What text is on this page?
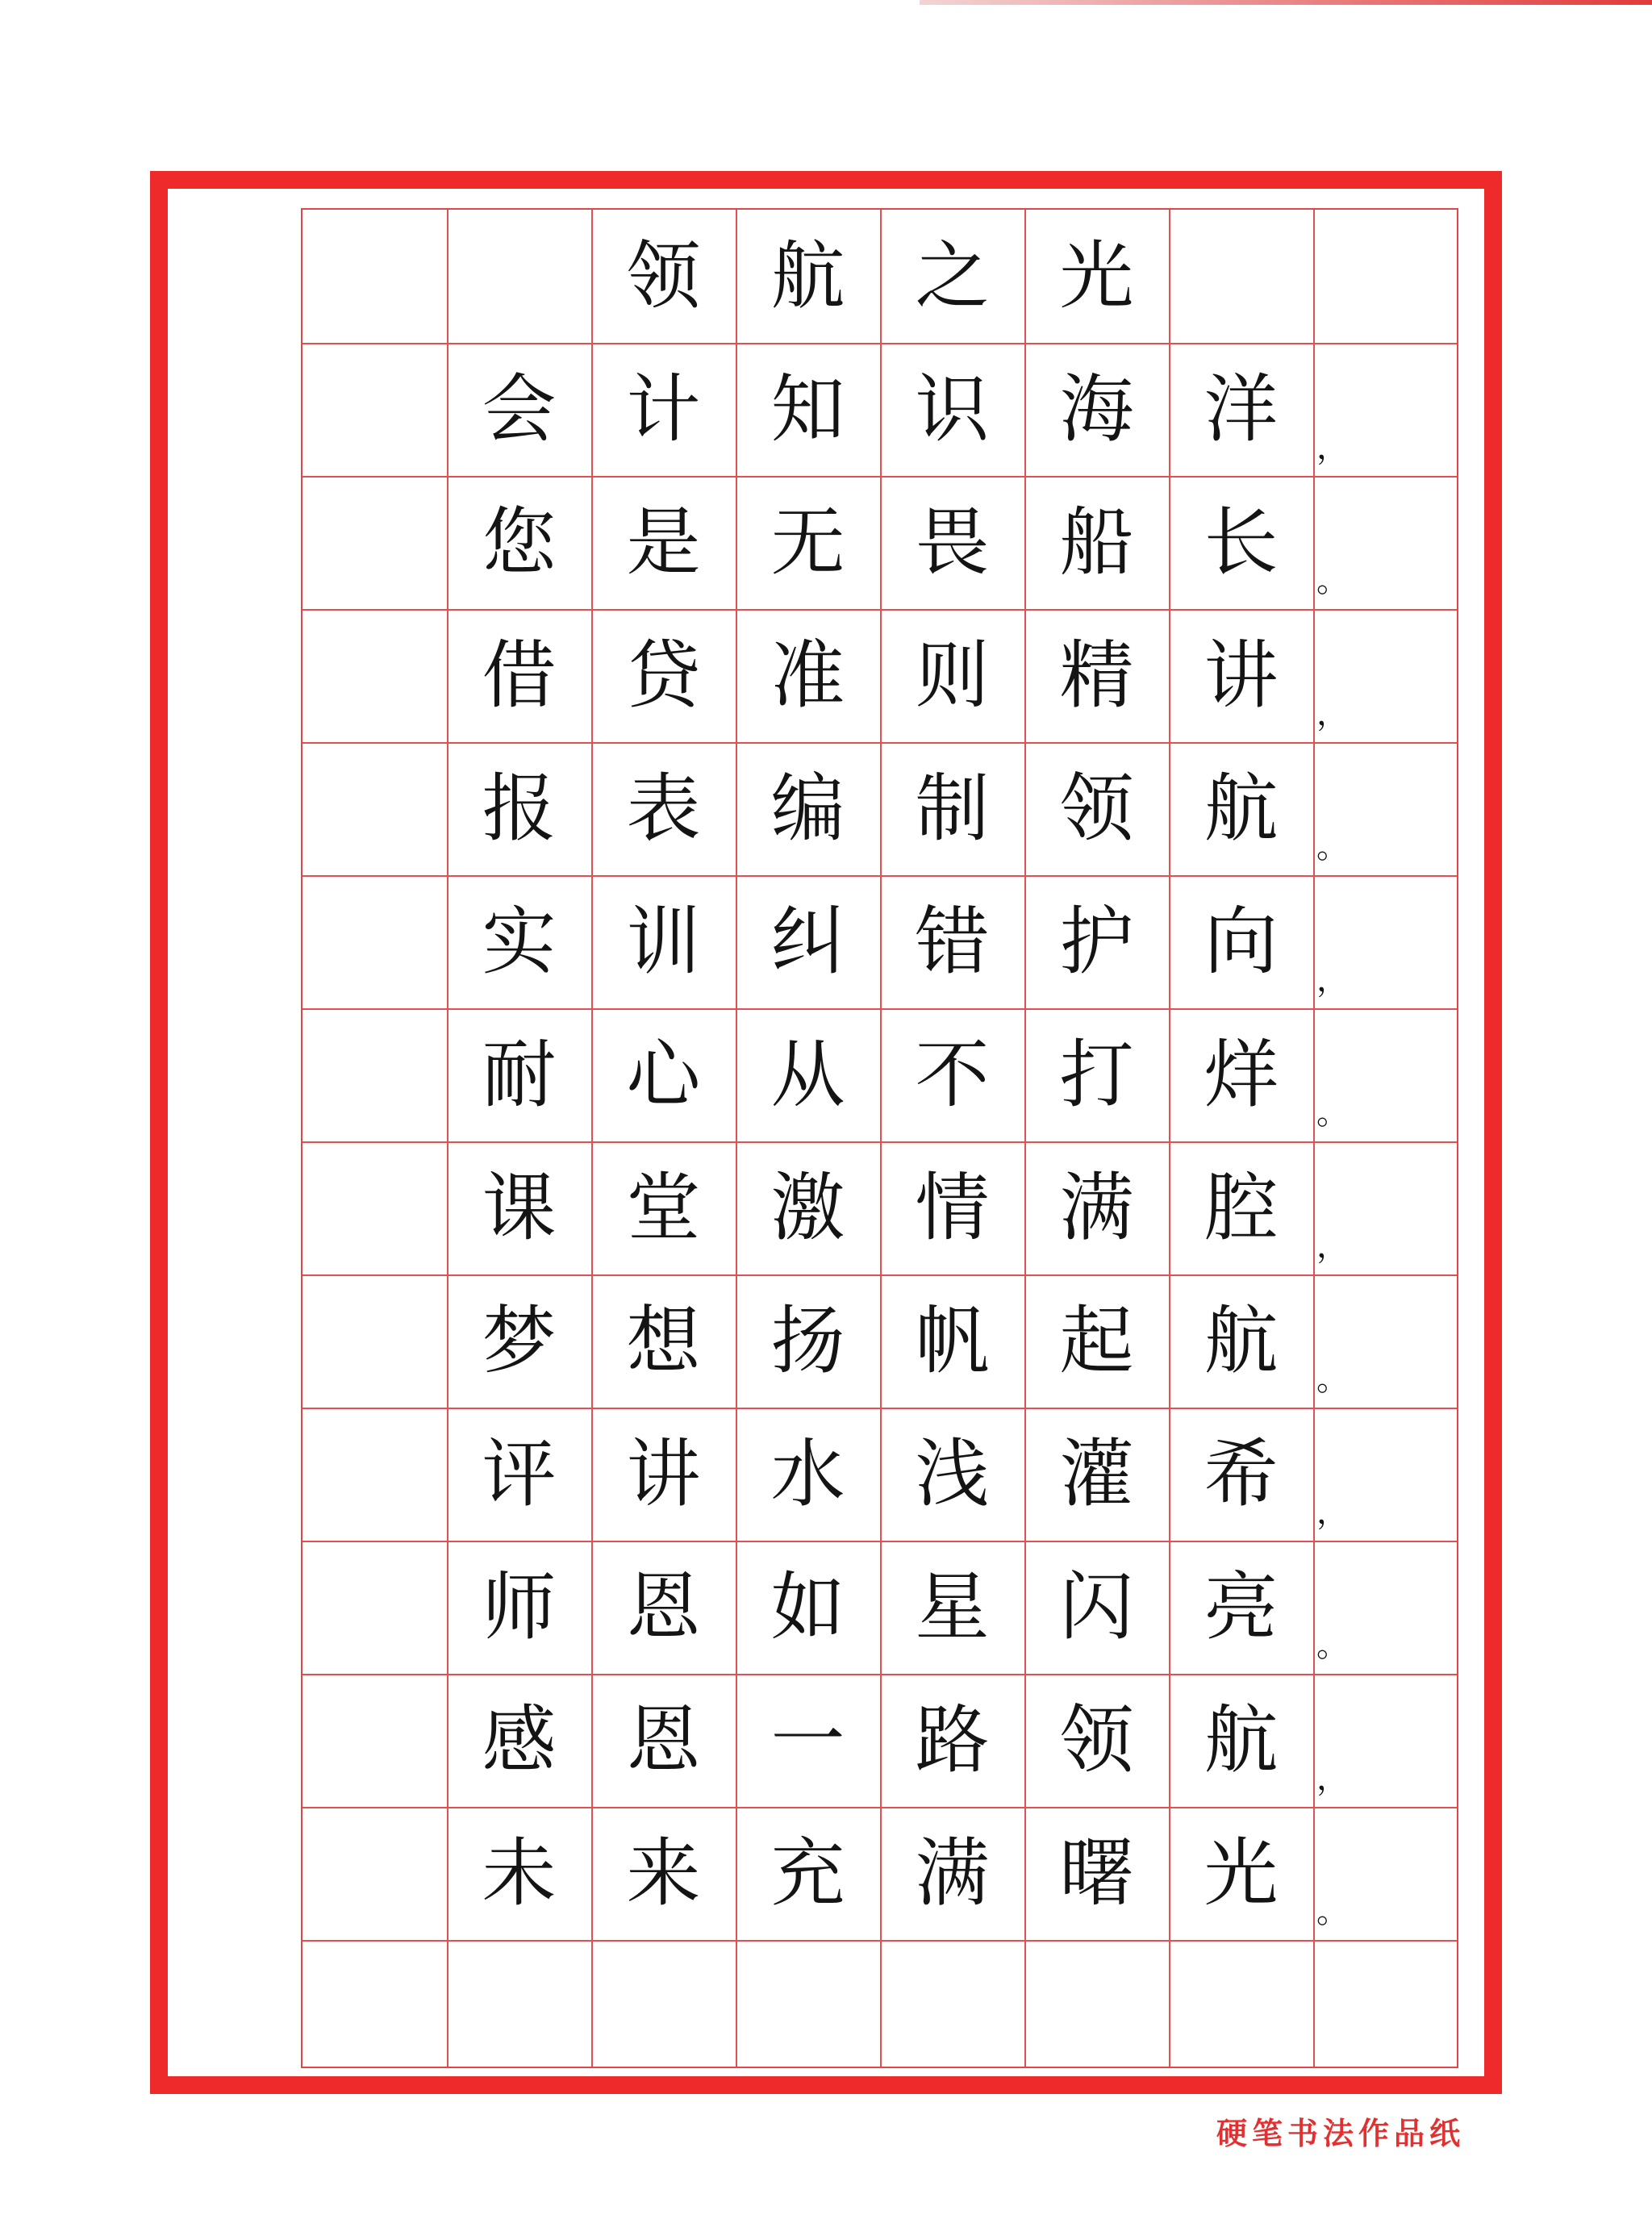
领 航 之 光
会 计 知 识 海 洋	，
您 是 无 畏 船 长	。
借 贷 准 则 精 讲	，
报 表 编 制 领 航	。
实 训 纠 错 护 向	，
耐 心 从 不 打 烊	。
课 堂 激 情 满 腔	，
梦 想 扬 帆 起 航	。
评 讲 水 浅 灌 希	，
师 恩 如 星 闪 亮	。
感 恩 一 路 领 航	，
未 来 充 满 曙 光	。
硬笔书法作品纸
